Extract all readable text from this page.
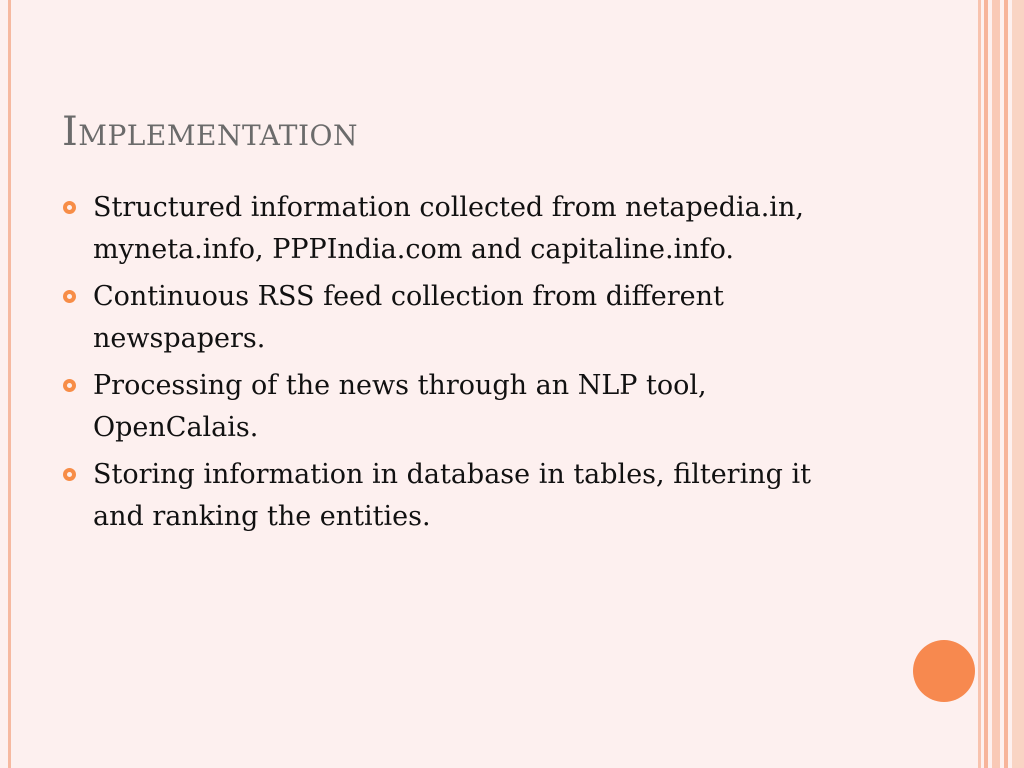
Implementation
Structured information collected from netapedia.in, myneta.info, PPPIndia.com and capitaline.info.
Continuous RSS feed collection from different newspapers.
Processing of the news through an NLP tool, OpenCalais.
Storing information in database in tables, filtering it and ranking the entities.
